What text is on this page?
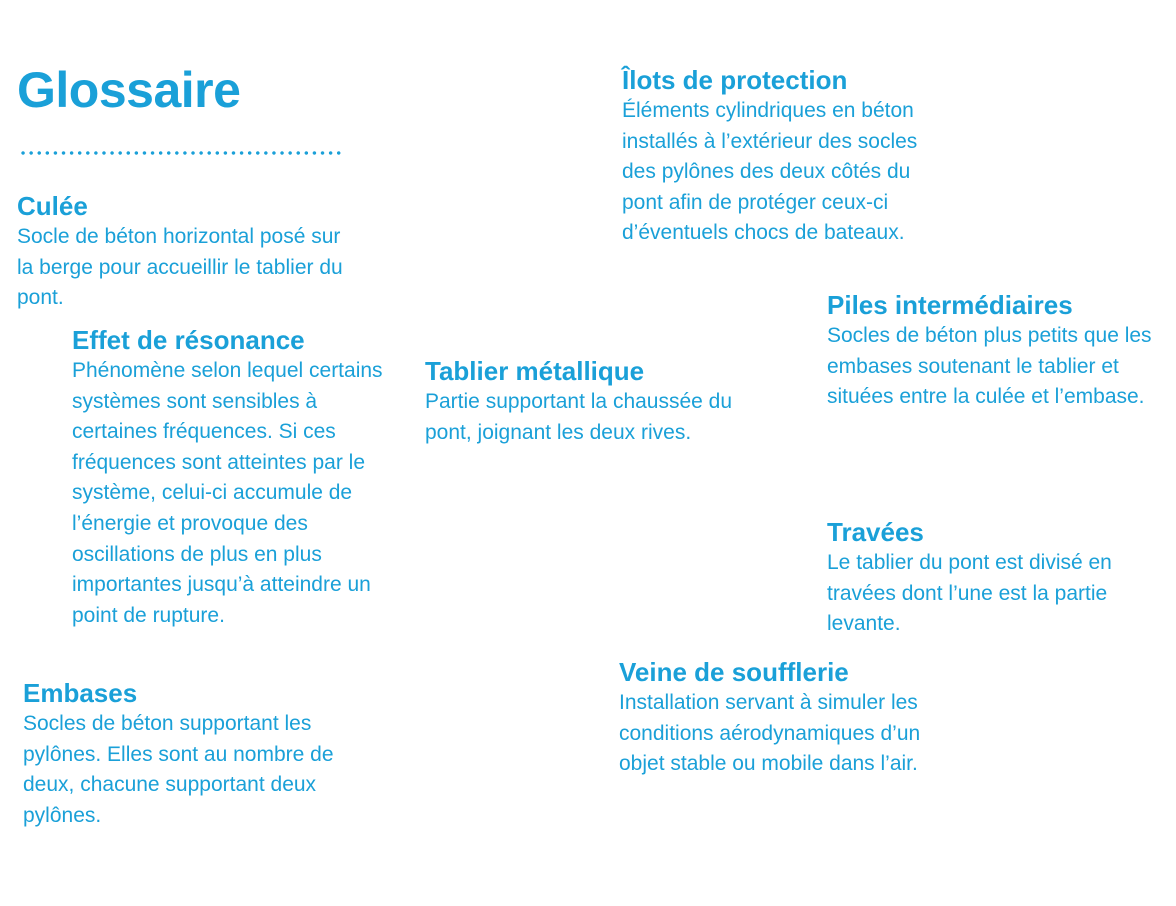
Glossaire
Culée

Socle de béton horizontal posé sur la berge pour accueillir le tablier du pont.

Effet de résonance

Phénomène selon lequel certains systèmes sont sensibles à certaines fréquences. Si ces fréquences sont atteintes par le système, celui-ci accumule de l’énergie et provoque des oscillations de plus en plus importantes jusqu’à atteindre un point de rupture.

Embases

Socles de béton supportant les pylônes. Elles sont au nombre de deux, chacune supportant deux pylônes.

Tablier métallique

Partie supportant la chaussée du pont, joignant les deux rives.

Îlots de protection

Éléments cylindriques en béton installés à l’extérieur des socles des pylônes des deux côtés du pont afin de protéger ceux-ci d’éventuels chocs de bateaux.

Piles intermédiaires

Socles de béton plus petits que les embases soutenant le tablier et situées entre la culée et l’embase.

Travées

Le tablier du pont est divisé en travées dont l’une est la partie levante.

Veine de soufflerie

Installation servant à simuler les conditions aérodynamiques d’un objet stable ou mobile dans l’air.
